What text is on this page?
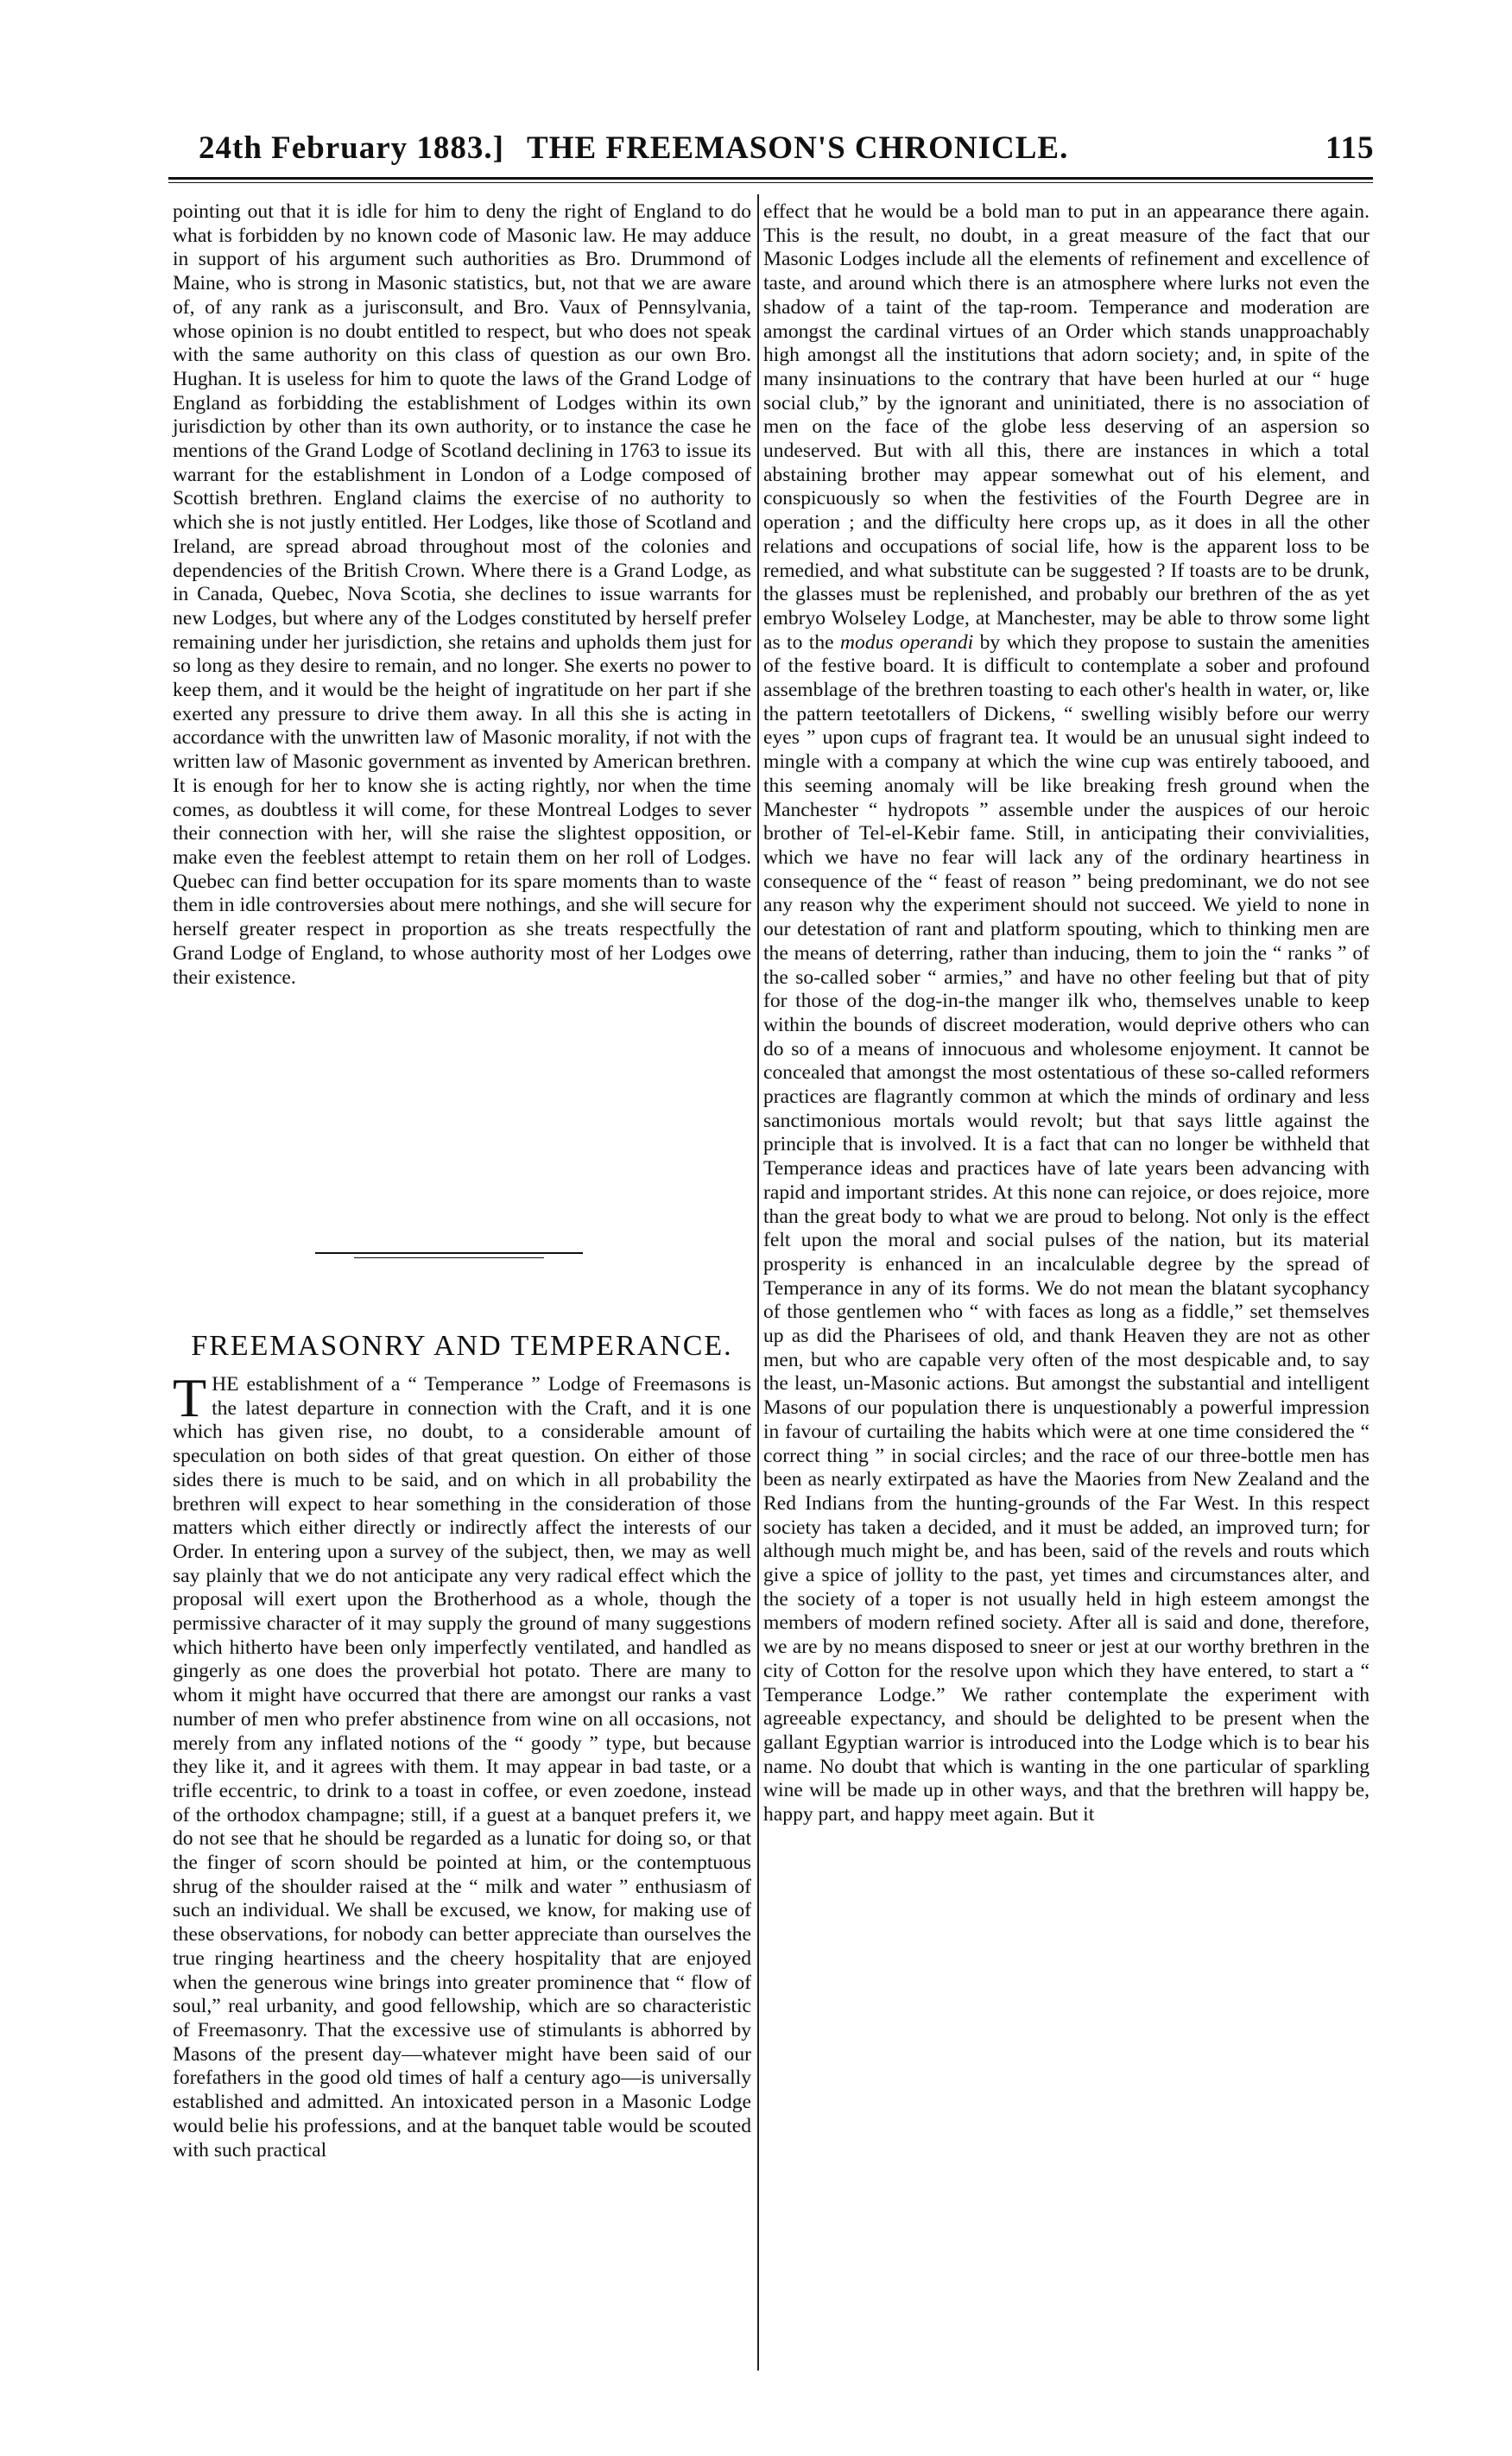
24th February 1883.] THE FREEMASON'S CHRONICLE.	115

pointing out that it is idle for him to deny the right of England to do what is forbidden by no known code of Masonic law. He may adduce in support of his argument such authorities as Bro. Drummond of Maine, who is strong in Masonic statistics, but, not that we are aware of, of any rank as a jurisconsult, and Bro. Vaux of Pennsylvania, whose opinion is no doubt entitled to respect, but who does not speak with the same authority on this class of question as our own Bro. Hughan. It is useless for him to quote the laws of the Grand Lodge of England as forbidding the establishment of Lodges within its own jurisdiction by other than its own authority, or to instance the case he mentions of the Grand Lodge of Scotland declining in 1763 to issue its warrant for the establishment in London of a Lodge composed of Scottish brethren. England claims the exercise of no authority to which she is not justly entitled. Her Lodges, like those of Scotland and Ireland, are spread abroad throughout most of the colonies and dependencies of the British Crown. Where there is a Grand Lodge, as in Canada, Quebec, Nova Scotia, she declines to issue warrants for new Lodges, but where any of the Lodges constituted by herself prefer remaining under her jurisdiction, she retains and upholds them just for so long as they desire to remain, and no longer. She exerts no power to keep them, and it would be the height of ingratitude on her part if she exerted any pressure to drive them away. In all this she is acting in accordance with the unwritten law of Masonic morality, if not with the written law of Masonic government as invented by American brethren. It is enough for her to know she is acting rightly, nor when the time comes, as doubtless it will come, for these Montreal Lodges to sever their connection with her, will she raise the slightest opposition, or make even the feeblest attempt to retain them on her roll of Lodges. Quebec can find better occupation for its spare moments than to waste them in idle controversies about mere nothings, and she will secure for herself greater respect in proportion as she treats respectfully the Grand Lodge of England, to whose authority most of her Lodges owe their existence.

FREEMASONRY AND TEMPERANCE.

THE establishment of a “ Temperance ” Lodge of Freemasons is the latest departure in connection with the Craft, and it is one which has given rise, no doubt, to a considerable amount of speculation on both sides of that great question. On either of those sides there is much to be said, and on which in all probability the brethren will expect to hear something in the consideration of those matters which either directly or indirectly affect the interests of our Order. In entering upon a survey of the subject, then, we may as well say plainly that we do not anticipate any very radical effect which the proposal will exert upon the Brotherhood as a whole, though the permissive character of it may supply the ground of many suggestions which hitherto have been only imperfectly ventilated, and handled as gingerly as one does the proverbial hot potato. There are many to whom it might have occurred that there are amongst our ranks a vast number of men who prefer abstinence from wine on all occasions, not merely from any inflated notions of the “ goody ” type, but because they like it, and it agrees with them. It may appear in bad taste, or a trifle eccentric, to drink to a toast in coffee, or even zoedone, instead of the orthodox champagne; still, if a guest at a banquet prefers it, we do not see that he should be regarded as a lunatic for doing so, or that the finger of scorn should be pointed at him, or the contemptuous shrug of the shoulder raised at the “ milk and water ” enthusiasm of such an individual. We shall be excused, we know, for making use of these observations, for nobody can better appreciate than ourselves the true ringing heartiness and the cheery hospitality that are enjoyed when the generous wine brings into greater prominence that “ flow of soul,” real urbanity, and good fellowship, which are so characteristic of Freemasonry. That the excessive use of stimulants is abhorred by Masons of the present day—whatever might have been said of our forefathers in the good old times of half a century ago—is universally established and admitted. An intoxicated person in a Masonic Lodge would belie his professions, and at the banquet table would be scouted with such practical

effect that he would be a bold man to put in an appearance there again. This is the result, no doubt, in a great measure of the fact that our Masonic Lodges include all the elements of refinement and excellence of taste, and around which there is an atmosphere where lurks not even the shadow of a taint of the tap-room. Temperance and moderation are amongst the cardinal virtues of an Order which stands unapproachably high amongst all the institutions that adorn society; and, in spite of the many insinuations to the contrary that have been hurled at our “ huge social club,” by the ignorant and uninitiated, there is no association of men on the face of the globe less deserving of an aspersion so undeserved. But with all this, there are instances in which a total abstaining brother may appear somewhat out of his element, and conspicuously so when the festivities of the Fourth Degree are in operation ; and the difficulty here crops up, as it does in all the other relations and occupations of social life, how is the apparent loss to be remedied, and what substitute can be suggested ? If toasts are to be drunk, the glasses must be replenished, and probably our brethren of the as yet embryo Wolseley Lodge, at Manchester, may be able to throw some light as to the modus operandi by which they propose to sustain the amenities of the festive board. It is difficult to contemplate a sober and profound assemblage of the brethren toasting to each other's health in water, or, like the pattern teetotallers of Dickens, “ swelling wisibly before our werry eyes ” upon cups of fragrant tea. It would be an unusual sight indeed to mingle with a company at which the wine cup was entirely tabooed, and this seeming anomaly will be like breaking fresh ground when the Manchester “ hydropots ” assemble under the auspices of our heroic brother of Tel-el-Kebir fame. Still, in anticipating their convivialities, which we have no fear will lack any of the ordinary heartiness in consequence of the “ feast of reason ” being predominant, we do not see any reason why the experiment should not succeed. We yield to none in our detestation of rant and platform spouting, which to thinking men are the means of deterring, rather than inducing, them to join the “ ranks ” of the so-called sober “ armies,” and have no other feeling but that of pity for those of the dog-in-the manger ilk who, themselves unable to keep within the bounds of discreet moderation, would deprive others who can do so of a means of innocuous and wholesome enjoyment. It cannot be concealed that amongst the most ostentatious of these so-called reformers practices are flagrantly common at which the minds of ordinary and less sanctimonious mortals would revolt; but that says little against the principle that is involved. It is a fact that can no longer be withheld that Temperance ideas and practices have of late years been advancing with rapid and important strides. At this none can rejoice, or does rejoice, more than the great body to what we are proud to belong. Not only is the effect felt upon the moral and social pulses of the nation, but its material prosperity is enhanced in an incalculable degree by the spread of Temperance in any of its forms. We do not mean the blatant sycophancy of those gentlemen who “ with faces as long as a fiddle,” set themselves up as did the Pharisees of old, and thank Heaven they are not as other men, but who are capable very often of the most despicable and, to say the least, un-Masonic actions. But amongst the substantial and intelligent Masons of our population there is unquestionably a powerful impression in favour of curtailing the habits which were at one time considered the “ correct thing ” in social circles; and the race of our three-bottle men has been as nearly extirpated as have the Maories from New Zealand and the Red Indians from the hunting-grounds of the Far West. In this respect society has taken a decided, and it must be added, an improved turn; for although much might be, and has been, said of the revels and routs which give a spice of jollity to the past, yet times and circumstances alter, and the society of a toper is not usually held in high esteem amongst the members of modern refined society. After all is said and done, therefore, we are by no means disposed to sneer or jest at our worthy brethren in the city of Cotton for the resolve upon which they have entered, to start a “ Temperance Lodge.” We rather contemplate the experiment with agreeable expectancy, and should be delighted to be present when the gallant Egyptian warrior is introduced into the Lodge which is to bear his name. No doubt that which is wanting in the one particular of sparkling wine will be made up in other ways, and that the brethren will happy be, happy part, and happy meet again. But it
